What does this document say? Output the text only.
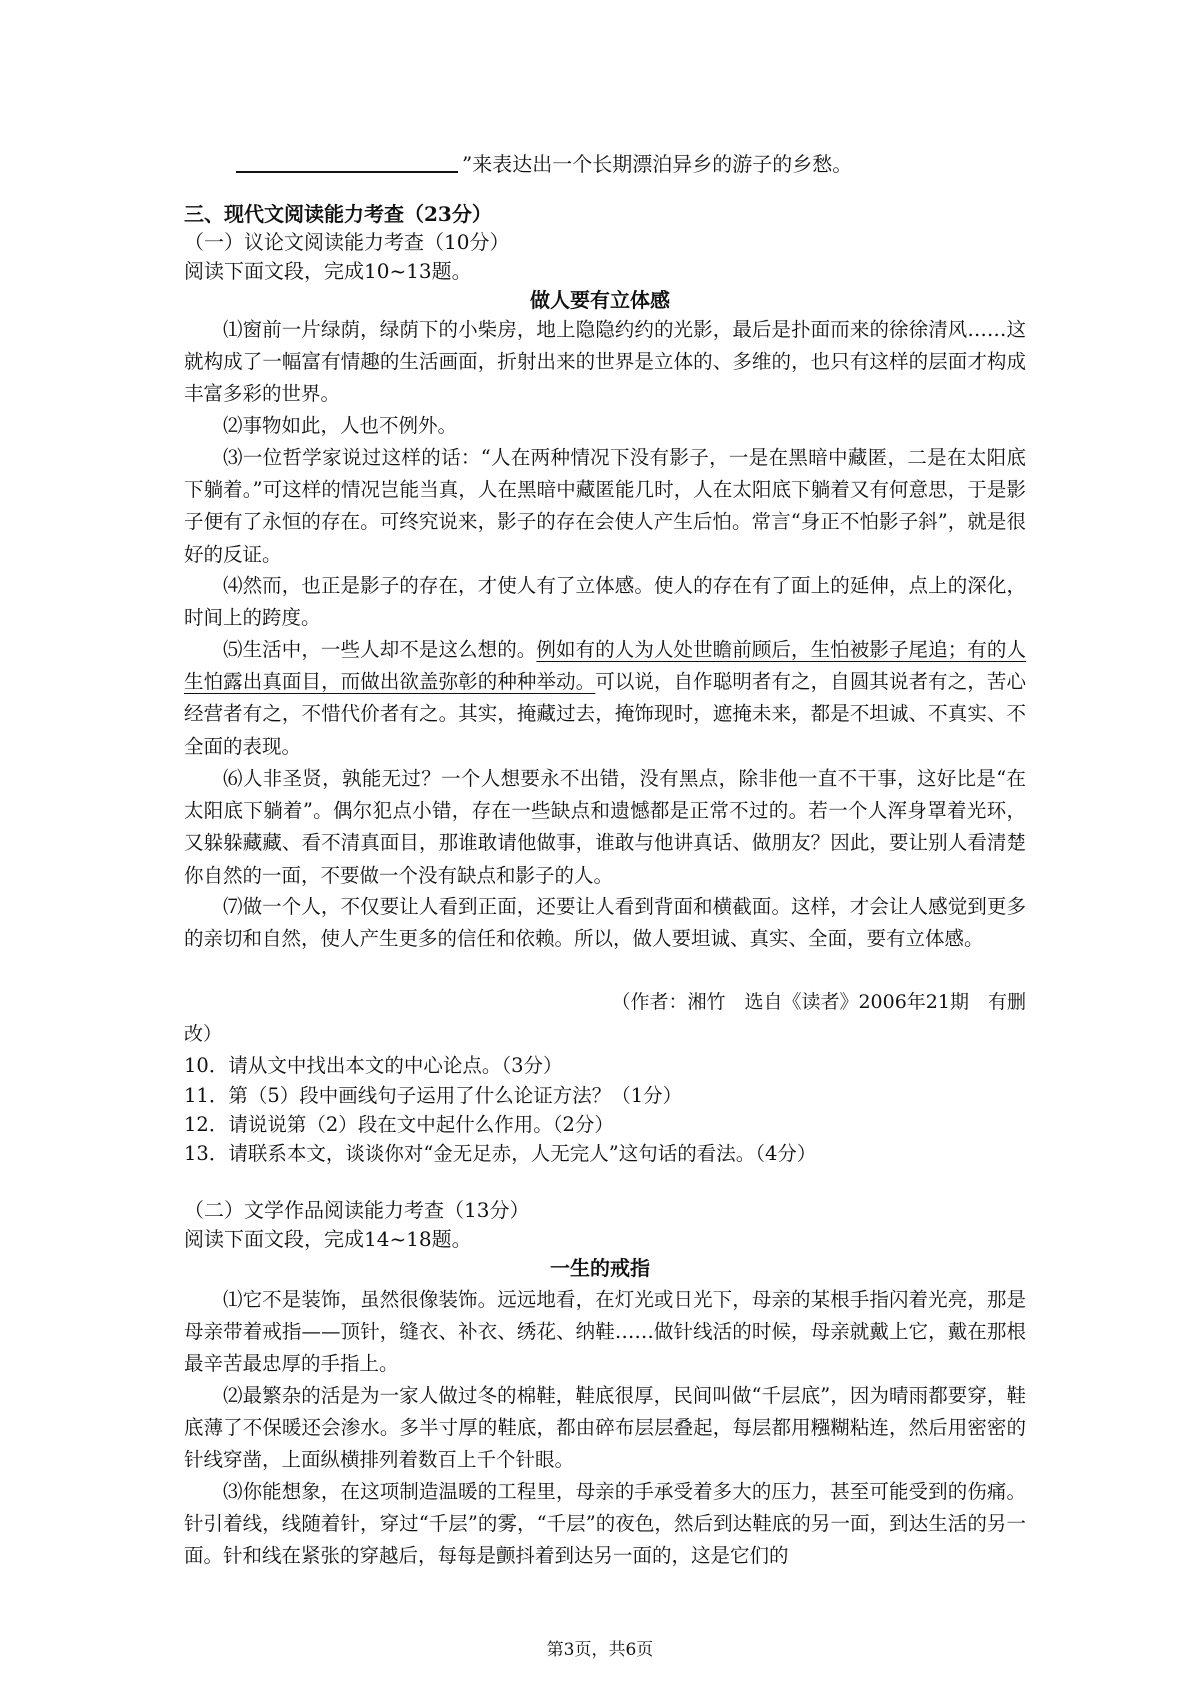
”来表达出一个长期漂泊异乡的游子的乡愁。
三、现代文阅读能力考查（23分）
（一）议论文阅读能力考查（10分）
阅读下面文段，完成10~13题。
做人要有立体感

⑴窗前一片绿荫，绿荫下的小柴房，地上隐隐约约的光影，最后是扑面而来的徐徐清风……这就构成了一幅富有情趣的生活画面，折射出来的世界是立体的、多维的，也只有这样的层面才构成丰富多彩的世界。

⑵事物如此，人也不例外。

⑶一位哲学家说过这样的话：“人在两种情况下没有影子，一是在黑暗中藏匿，二是在太阳底下躺着。”可这样的情况岂能当真，人在黑暗中藏匿能几时，人在太阳底下躺着又有何意思，于是影子便有了永恒的存在。可终究说来，影子的存在会使人产生后怕。常言“身正不怕影子斜”，就是很好的反证。

⑷然而，也正是影子的存在，才使人有了立体感。使人的存在有了面上的延伸，点上的深化，时间上的跨度。

⑸生活中，一些人却不是这么想的。例如有的人为人处世瞻前顾后，生怕被影子尾追；有的人生怕露出真面目，而做出欲盖弥彰的种种举动。可以说，自作聪明者有之，自圆其说者有之，苦心经营者有之，不惜代价者有之。其实，掩藏过去，掩饰现时，遮掩未来，都是不坦诚、不真实、不全面的表现。

⑹人非圣贤，孰能无过？一个人想要永不出错，没有黑点，除非他一直不干事，这好比是“在太阳底下躺着”。偶尔犯点小错，存在一些缺点和遗憾都是正常不过的。若一个人浑身罩着光环，又躲躲藏藏、看不清真面目，那谁敢请他做事，谁敢与他讲真话、做朋友？因此，要让别人看清楚你自然的一面，不要做一个没有缺点和影子的人。

⑺做一个人，不仅要让人看到正面，还要让人看到背面和横截面。这样，才会让人感觉到更多的亲切和自然，使人产生更多的信任和依赖。所以，做人要坦诚、真实、全面，要有立体感。

（作者：湘竹　选自《读者》2006年21期　有删
改）
10．请从文中找出本文的中心论点。（3分）
11．第（5）段中画线句子运用了什么论证方法？（1分）
12．请说说第（2）段在文中起什么作用。（2分）
13．请联系本文，谈谈你对“金无足赤，人无完人”这句话的看法。（4分）
（二）文学作品阅读能力考查（13分）
阅读下面文段，完成14~18题。
一生的戒指

⑴它不是装饰，虽然很像装饰。远远地看，在灯光或日光下，母亲的某根手指闪着光亮，那是母亲带着戒指——顶针，缝衣、补衣、绣花、纳鞋……做针线活的时候，母亲就戴上它，戴在那根最辛苦最忠厚的手指上。

⑵最繁杂的活是为一家人做过冬的棉鞋，鞋底很厚，民间叫做“千层底”，因为晴雨都要穿，鞋底薄了不保暖还会渗水。多半寸厚的鞋底，都由碎布层层叠起，每层都用糨糊粘连，然后用密密的针线穿凿，上面纵横排列着数百上千个针眼。

⑶你能想象，在这项制造温暖的工程里，母亲的手承受着多大的压力，甚至可能受到的伤痛。针引着线，线随着针，穿过“千层”的雾，“千层”的夜色，然后到达鞋底的另一面，到达生活的另一面。针和线在紧张的穿越后，每每是颤抖着到达另一面的，这是它们的

第3页，共6页
